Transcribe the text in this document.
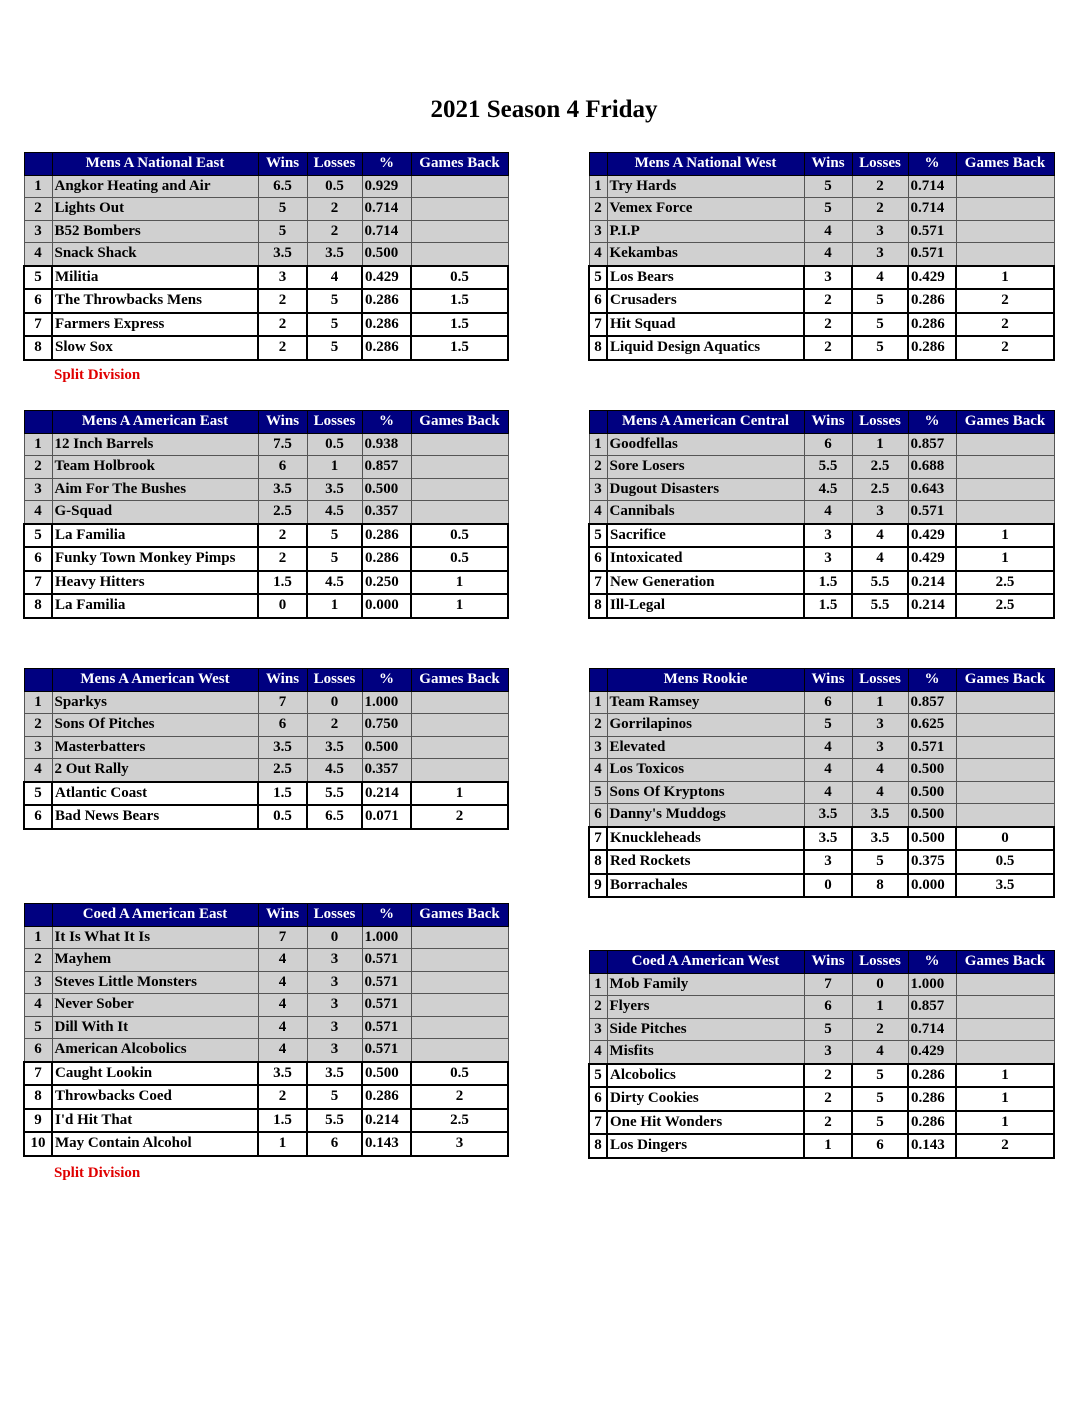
2021 Season 4 Friday
	Mens A National East	Wins	Losses	%	Games Back
1	Angkor Heating and Air	6.5	0.5	0.929	
2	Lights Out	5	2	0.714	
3	B52 Bombers	5	2	0.714	
4	Snack Shack	3.5	3.5	0.500	
5	Militia	3	4	0.429	0.5
6	The Throwbacks Mens	2	5	0.286	1.5
7	Farmers Express	2	5	0.286	1.5
8	Slow Sox	2	5	0.286	1.5
	Mens A National West	Wins	Losses	%	Games Back
1	Try Hards	5	2	0.714	
2	Vemex Force	5	2	0.714	
3	P.I.P	4	3	0.571	
4	Kekambas	4	3	0.571	
5	Los Bears	3	4	0.429	1
6	Crusaders	2	5	0.286	2
7	Hit Squad	2	5	0.286	2
8	Liquid Design Aquatics	2	5	0.286	2
	Mens A American East	Wins	Losses	%	Games Back
1	12 Inch Barrels	7.5	0.5	0.938	
2	Team Holbrook	6	1	0.857	
3	Aim For The Bushes	3.5	3.5	0.500	
4	G-Squad	2.5	4.5	0.357	
5	La Familia	2	5	0.286	0.5
6	Funky Town Monkey Pimps	2	5	0.286	0.5
7	Heavy Hitters	1.5	4.5	0.250	1
8	La Familia	0	1	0.000	1
	Mens A American Central	Wins	Losses	%	Games Back
1	Goodfellas	6	1	0.857	
2	Sore Losers	5.5	2.5	0.688	
3	Dugout Disasters	4.5	2.5	0.643	
4	Cannibals	4	3	0.571	
5	Sacrifice	3	4	0.429	1
6	Intoxicated	3	4	0.429	1
7	New Generation	1.5	5.5	0.214	2.5
8	Ill-Legal	1.5	5.5	0.214	2.5
	Mens A American West	Wins	Losses	%	Games Back
1	Sparkys	7	0	1.000	
2	Sons Of Pitches	6	2	0.750	
3	Masterbatters	3.5	3.5	0.500	
4	2 Out Rally	2.5	4.5	0.357	
5	Atlantic Coast	1.5	5.5	0.214	1
6	Bad News Bears	0.5	6.5	0.071	2
	Mens Rookie	Wins	Losses	%	Games Back
1	Team Ramsey	6	1	0.857	
2	Gorrilapinos	5	3	0.625	
3	Elevated	4	3	0.571	
4	Los Toxicos	4	4	0.500	
5	Sons Of Kryptons	4	4	0.500	
6	Danny's Muddogs	3.5	3.5	0.500	
7	Knuckleheads	3.5	3.5	0.500	0
8	Red Rockets	3	5	0.375	0.5
9	Borrachales	0	8	0.000	3.5
	Coed A American East	Wins	Losses	%	Games Back
1	It Is What It Is	7	0	1.000	
2	Mayhem	4	3	0.571	
3	Steves Little Monsters	4	3	0.571	
4	Never Sober	4	3	0.571	
5	Dill With It	4	3	0.571	
6	American Alcobolics	4	3	0.571	
7	Caught Lookin	3.5	3.5	0.500	0.5
8	Throwbacks Coed	2	5	0.286	2
9	I'd Hit That	1.5	5.5	0.214	2.5
10	May Contain Alcohol	1	6	0.143	3
	Coed A American West	Wins	Losses	%	Games Back
1	Mob Family	7	0	1.000	
2	Flyers	6	1	0.857	
3	Side Pitches	5	2	0.714	
4	Misfits	3	4	0.429	
5	Alcobolics	2	5	0.286	1
6	Dirty Cookies	2	5	0.286	1
7	One Hit Wonders	2	5	0.286	1
8	Los Dingers	1	6	0.143	2
Split Division
Split Division
